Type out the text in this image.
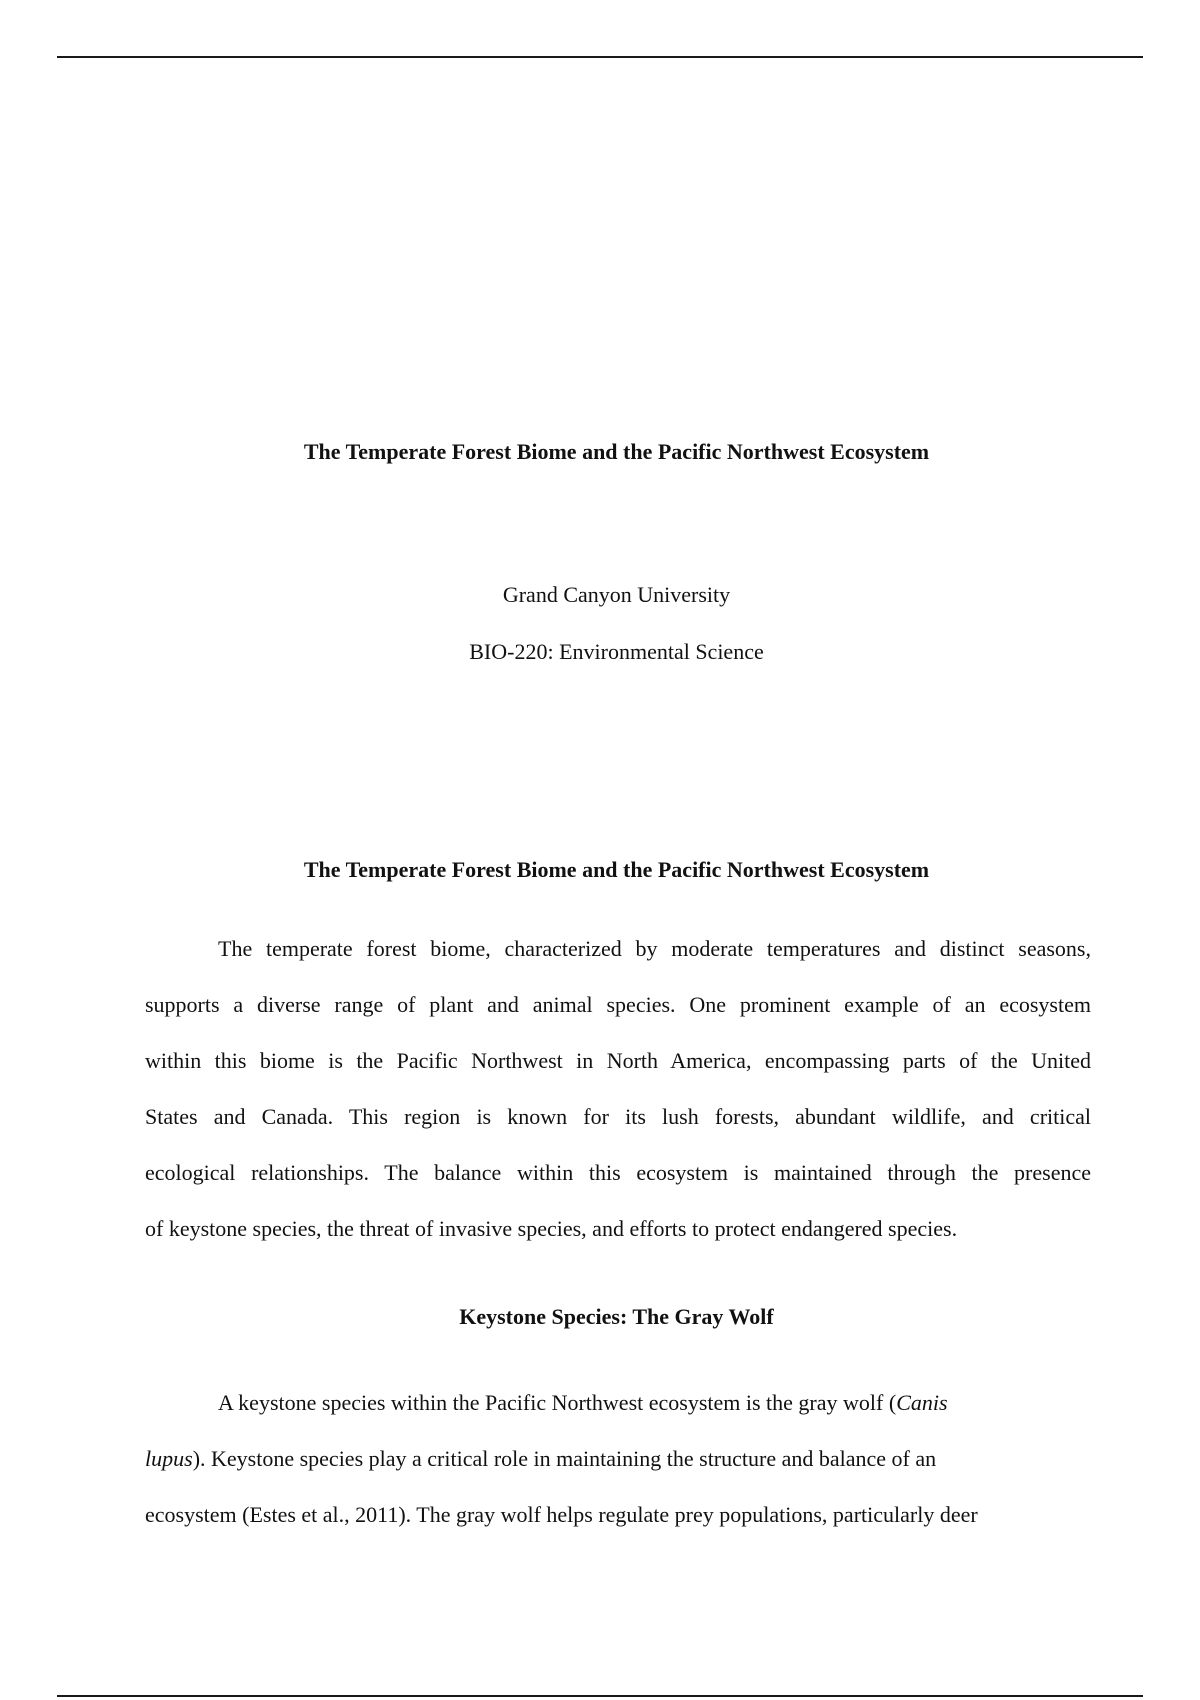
The Temperate Forest Biome and the Pacific Northwest Ecosystem
Grand Canyon University
BIO-220: Environmental Science
The Temperate Forest Biome and the Pacific Northwest Ecosystem
The temperate forest biome, characterized by moderate temperatures and distinct seasons,
supports a diverse range of plant and animal species. One prominent example of an ecosystem
within this biome is the Pacific Northwest in North America, encompassing parts of the United
States and Canada. This region is known for its lush forests, abundant wildlife, and critical
ecological relationships. The balance within this ecosystem is maintained through the presence
of keystone species, the threat of invasive species, and efforts to protect endangered species.
Keystone Species: The Gray Wolf
A keystone species within the Pacific Northwest ecosystem is the gray wolf (Canis
lupus). Keystone species play a critical role in maintaining the structure and balance of an
ecosystem (Estes et al., 2011). The gray wolf helps regulate prey populations, particularly deer
